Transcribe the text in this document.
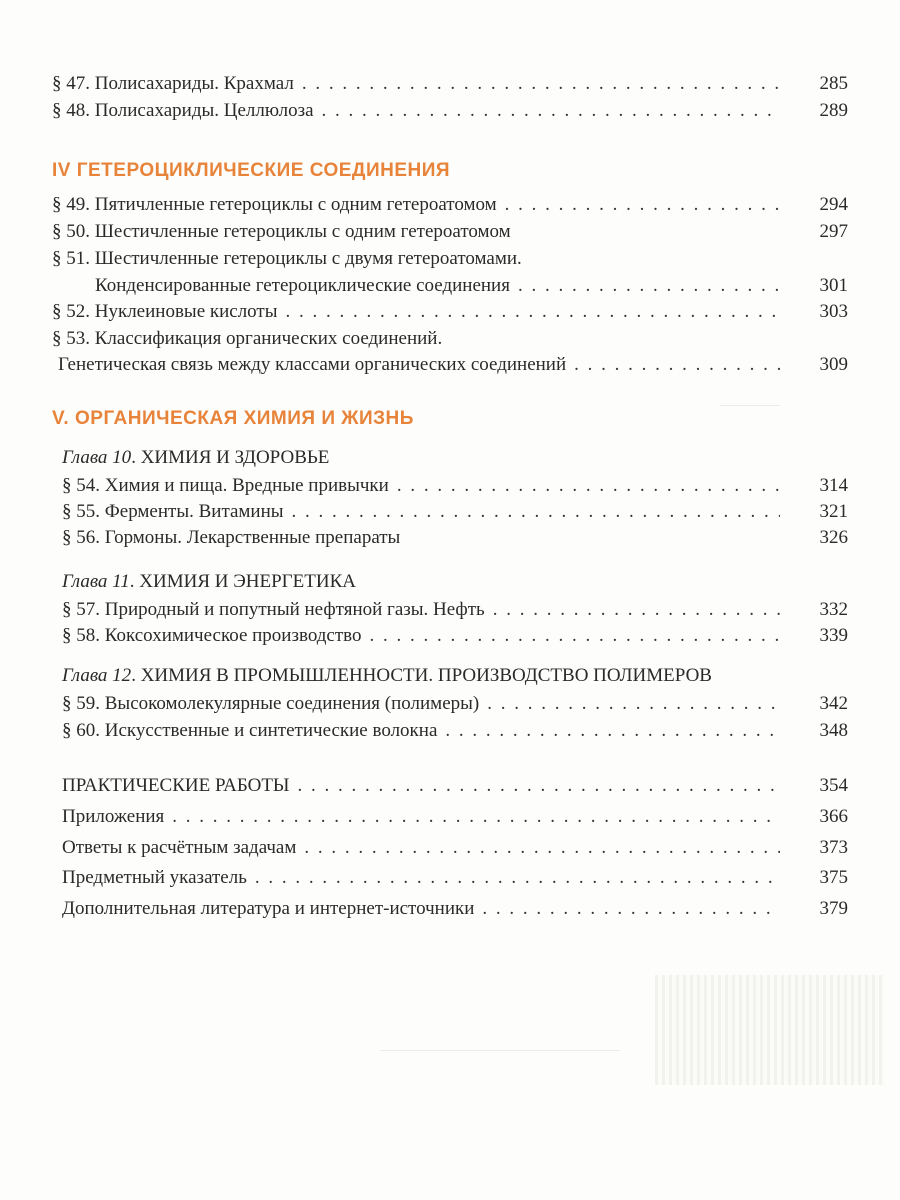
§ 47. Полисахариды. Крахмал . . .	285
§ 48. Полисахариды. Целлюлоза . . .	289
IV ГЕТЕРОЦИКЛИЧЕСКИЕ СОЕДИНЕНИЯ
§ 49. Пятичленные гетероциклы с одним гетероатомом . . .	294
§ 50. Шестичленные гетероциклы с одним гетероатомом	297
§ 51. Шестичленные гетероциклы с двумя гетероатомами.
Конденсированные гетероциклические соединения . . .	301
§ 52. Нуклеиновые кислоты . . .	303
§ 53. Классификация органических соединений.
Генетическая связь между классами органических соединений . . .	309
V. ОРГАНИЧЕСКАЯ ХИМИЯ И ЖИЗНЬ
Глава 10. ХИМИЯ И ЗДОРОВЬЕ
§ 54. Химия и пища. Вредные привычки . . .	314
§ 55. Ферменты. Витамины . . .	321
§ 56. Гормоны. Лекарственные препараты	326
Глава 11. ХИМИЯ И ЭНЕРГЕТИКА
§ 57. Природный и попутный нефтяной газы. Нефть . . .	332
§ 58. Коксохимическое производство . . .	339
Глава 12. ХИМИЯ В ПРОМЫШЛЕННОСТИ. ПРОИЗВОДСТВО ПОЛИМЕРОВ
§ 59. Высокомолекулярные соединения (полимеры) . . .	342
§ 60. Искусственные и синтетические волокна . . .	348
ПРАКТИЧЕСКИЕ РАБОТЫ . . .	354
Приложения . . .	366
Ответы к расчётным задачам . . .	373
Предметный указатель . . .	375
Дополнительная литература и интернет-источники . . .	379
